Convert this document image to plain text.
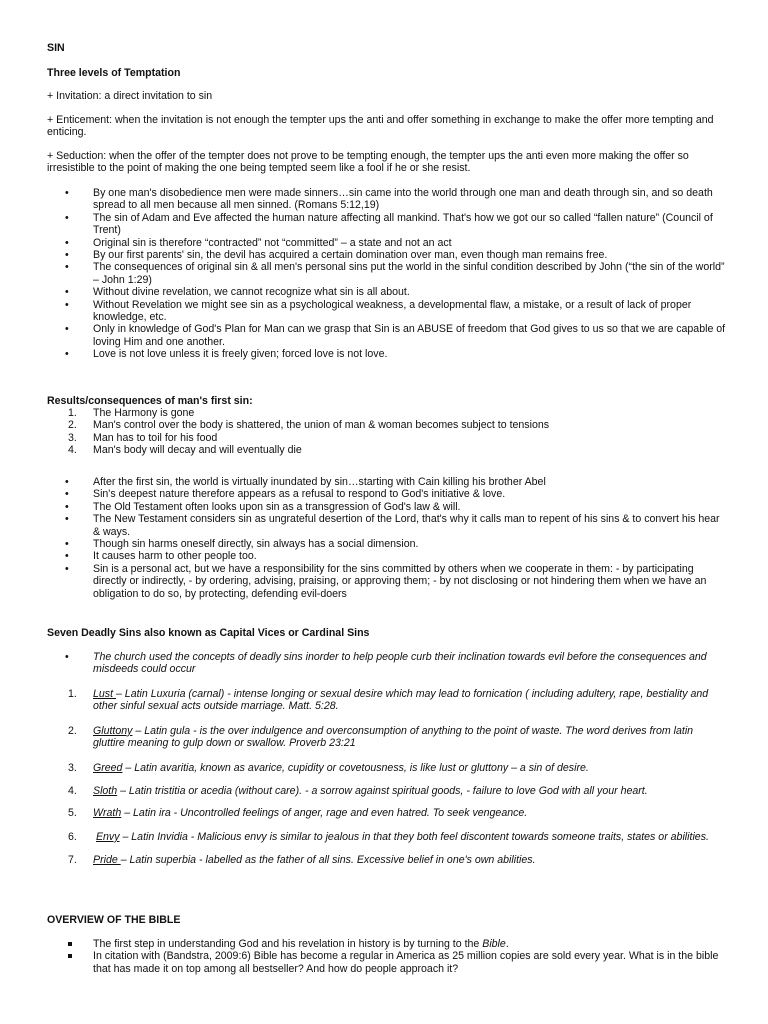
SIN
Three levels of Temptation
+ Invitation: a direct invitation to sin
+ Enticement: when the invitation is not enough the tempter ups the anti and offer something in exchange to make the offer more tempting and enticing.
+ Seduction: when the offer of the tempter does not prove to be tempting enough, the tempter ups the anti even more making the offer so irresistible to the point of making the one being tempted seem like a fool if he or she resist.
• By one man's disobedience men were made sinners…sin came into the world through one man and death through sin, and so death spread to all men because all men sinned. (Romans 5:12,19)
• The sin of Adam and Eve affected the human nature affecting all mankind. That's how we got our so called “fallen nature” (Council of Trent)
• Original sin is therefore “contracted” not “committed” – a state and not an act
• By our first parents' sin, the devil has acquired a certain domination over man, even though man remains free.
• The consequences of original sin & all men's personal sins put the world in the sinful condition described by John (“the sin of the world” – John 1:29)
• Without divine revelation, we cannot recognize what sin is all about.
• Without Revelation we might see sin as a psychological weakness, a developmental flaw, a mistake, or a result of lack of proper knowledge, etc.
• Only in knowledge of God's Plan for Man can we grasp that Sin is an ABUSE of freedom that God gives to us so that we are capable of loving Him and one another.
• Love is not love unless it is freely given; forced love is not love.
Results/consequences of man's first sin:
1.	The Harmony is gone
2.	Man's control over the body is shattered, the union of man & woman becomes subject to tensions
3.	Man has to toil for his food
4.	Man's body will decay and will eventually die
• After the first sin, the world is virtually inundated by sin…starting with Cain killing his brother Abel
• Sin's deepest nature therefore appears as a refusal to respond to God's initiative & love.
• The Old Testament often looks upon sin as a transgression of God's law & will.
• The New Testament considers sin as ungrateful desertion of the Lord, that's why it calls man to repent of his sins & to convert his hear & ways.
• Though sin harms oneself directly, sin always has a social dimension.
• It causes harm to other people too.
• Sin is a personal act, but we have a responsibility for the sins committed by others when we cooperate in them: - by participating directly or indirectly, - by ordering, advising, praising, or approving them; - by not disclosing or not hindering them when we have an obligation to do so, by protecting, defending evil-doers
Seven Deadly Sins also known as Capital Vices or Cardinal Sins
• The church used the concepts of deadly sins inorder to help people curb their inclination towards evil before the consequences and misdeeds could occur
1.	Lust – Latin Luxuria (carnal) - intense longing or sexual desire which may lead to fornication ( including adultery, rape, bestiality and other sinful sexual acts outside marriage. Matt. 5:28.
2.	Gluttony – Latin gula - is the over indulgence and overconsumption of anything to the point of waste. The word derives from latin gluttire meaning to gulp down or swallow. Proverb 23:21
3.	Greed – Latin avaritia, known as avarice, cupidity or covetousness, is like lust or gluttony – a sin of desire.
4.	Sloth – Latin tristitia or acedia (without care). - a sorrow against spiritual goods, - failure to love God with all your heart.
5.	Wrath – Latin ira - Uncontrolled feelings of anger, rage and even hatred. To seek vengeance.
6.	Envy – Latin Invidia - Malicious envy is similar to jealous in that they both feel discontent towards someone traits, states or abilities.
7.	Pride – Latin superbia - labelled as the father of all sins. Excessive belief in one's own abilities.
OVERVIEW OF THE BIBLE
The first step in understanding God and his revelation in history is by turning to the Bible.
In citation with (Bandstra, 2009:6) Bible has become a regular in America as 25 million copies are sold every year. What is in the bible that has made it on top among all bestseller? And how do people approach it?
